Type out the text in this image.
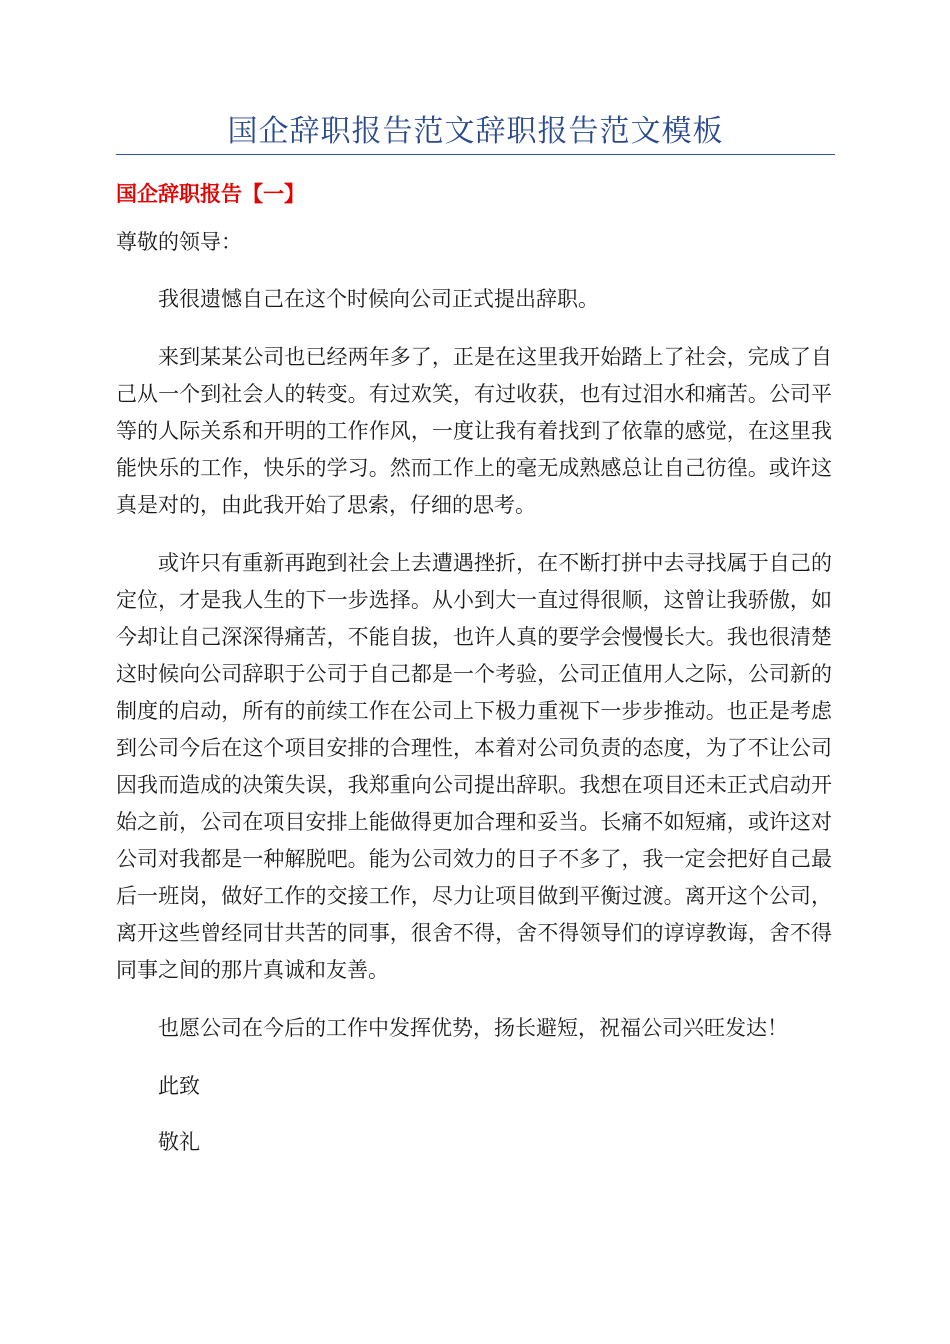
国企辞职报告范文辞职报告范文模板
国企辞职报告【一】

尊敬的领导：

我很遗憾自己在这个时候向公司正式提出辞职。

来到某某公司也已经两年多了，正是在这里我开始踏上了社会，完成了自己从一个到社会人的转变。有过欢笑，有过收获，也有过泪水和痛苦。公司平等的人际关系和开明的工作作风，一度让我有着找到了依靠的感觉，在这里我能快乐的工作，快乐的学习。然而工作上的毫无成熟感总让自己彷徨。或许这真是对的，由此我开始了思索，仔细的思考。

或许只有重新再跑到社会上去遭遇挫折，在不断打拼中去寻找属于自己的定位，才是我人生的下一步选择。从小到大一直过得很顺，这曾让我骄傲，如今却让自己深深得痛苦，不能自拔，也许人真的要学会慢慢长大。我也很清楚这时候向公司辞职于公司于自己都是一个考验，公司正值用人之际，公司新的制度的启动，所有的前续工作在公司上下极力重视下一步步推动。也正是考虑到公司今后在这个项目安排的合理性，本着对公司负责的态度，为了不让公司因我而造成的决策失误，我郑重向公司提出辞职。我想在项目还未正式启动开始之前，公司在项目安排上能做得更加合理和妥当。长痛不如短痛，或许这对公司对我都是一种解脱吧。能为公司效力的日子不多了，我一定会把好自己最后一班岗，做好工作的交接工作，尽力让项目做到平衡过渡。离开这个公司，离开这些曾经同甘共苦的同事，很舍不得，舍不得领导们的谆谆教诲，舍不得同事之间的那片真诚和友善。

也愿公司在今后的工作中发挥优势，扬长避短，祝福公司兴旺发达！

此致

敬礼
